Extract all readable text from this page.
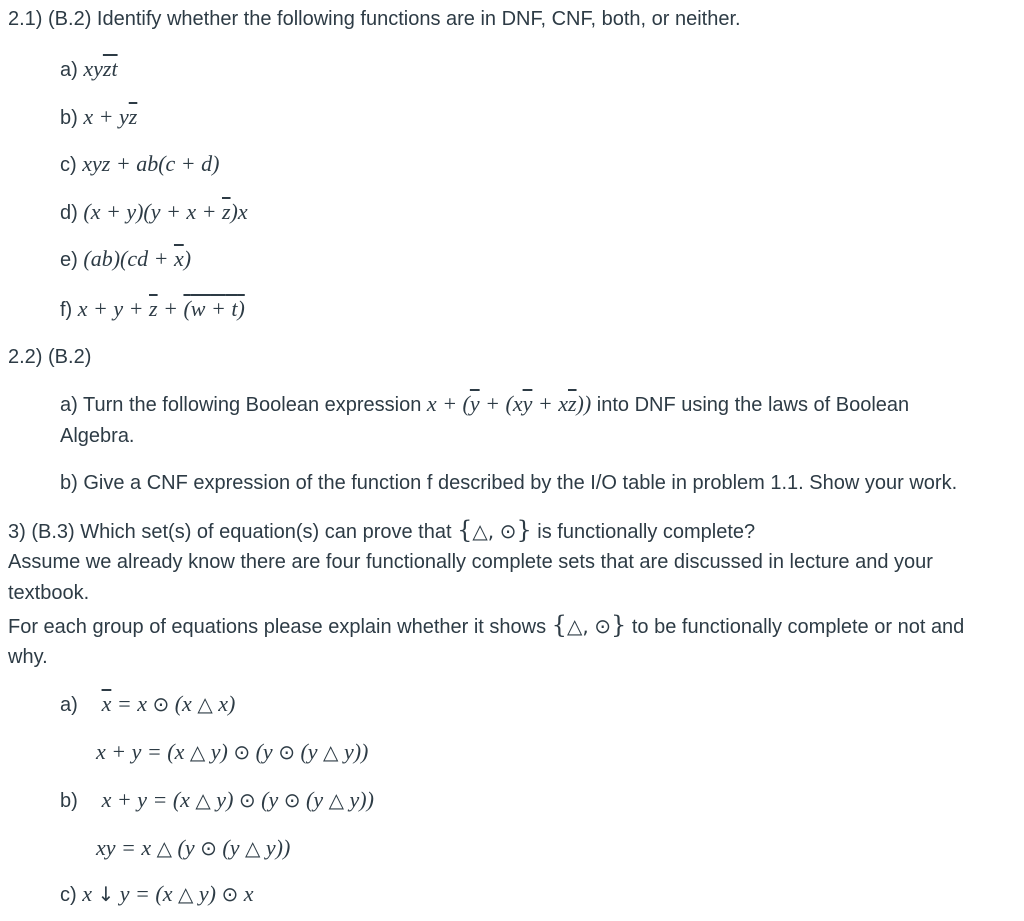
2.1) (B.2) Identify whether the following functions are in DNF, CNF, both, or neither.
a) $xy\overline{zt}$
b) $x + y\overline{z}$
c) xyz + ab(c + d)
d) $(x + y)(y + x + \overline{z})x$
e) $(ab)(cd + \overline{x})$
f) $x + y + \overline{z} + (w + t)$
2.2) (B.2)
a) Turn the following Boolean expression $x + (\overline{y} + (x\overline{y} + x\overline{z}))$ into DNF using the laws of Boolean
Algebra.
b) Give a CNF expression of the function f described by the I/O table in problem 1.1. Show your work.
3) (B.3) Which set(s) of equation(s) can prove that {△, ⊙} is functionally complete?
Assume we already know there are four functionally complete sets that are discussed in lecture and your
textbook.
For each group of equations please explain whether it shows {△, ⊙} to be functionally complete or not and
why.
a) $\overline{x} = x$ ⊙ (x △ x)
x + y = (x △ y) ⊙ (y ⊙ (y △ y))
b) x + y = (x △ y) ⊙ (y ⊙ (y △ y))
xy = x △ (y ⊙ (y △ y))
c) x ↓ y = (x △ y) ⊙ x
